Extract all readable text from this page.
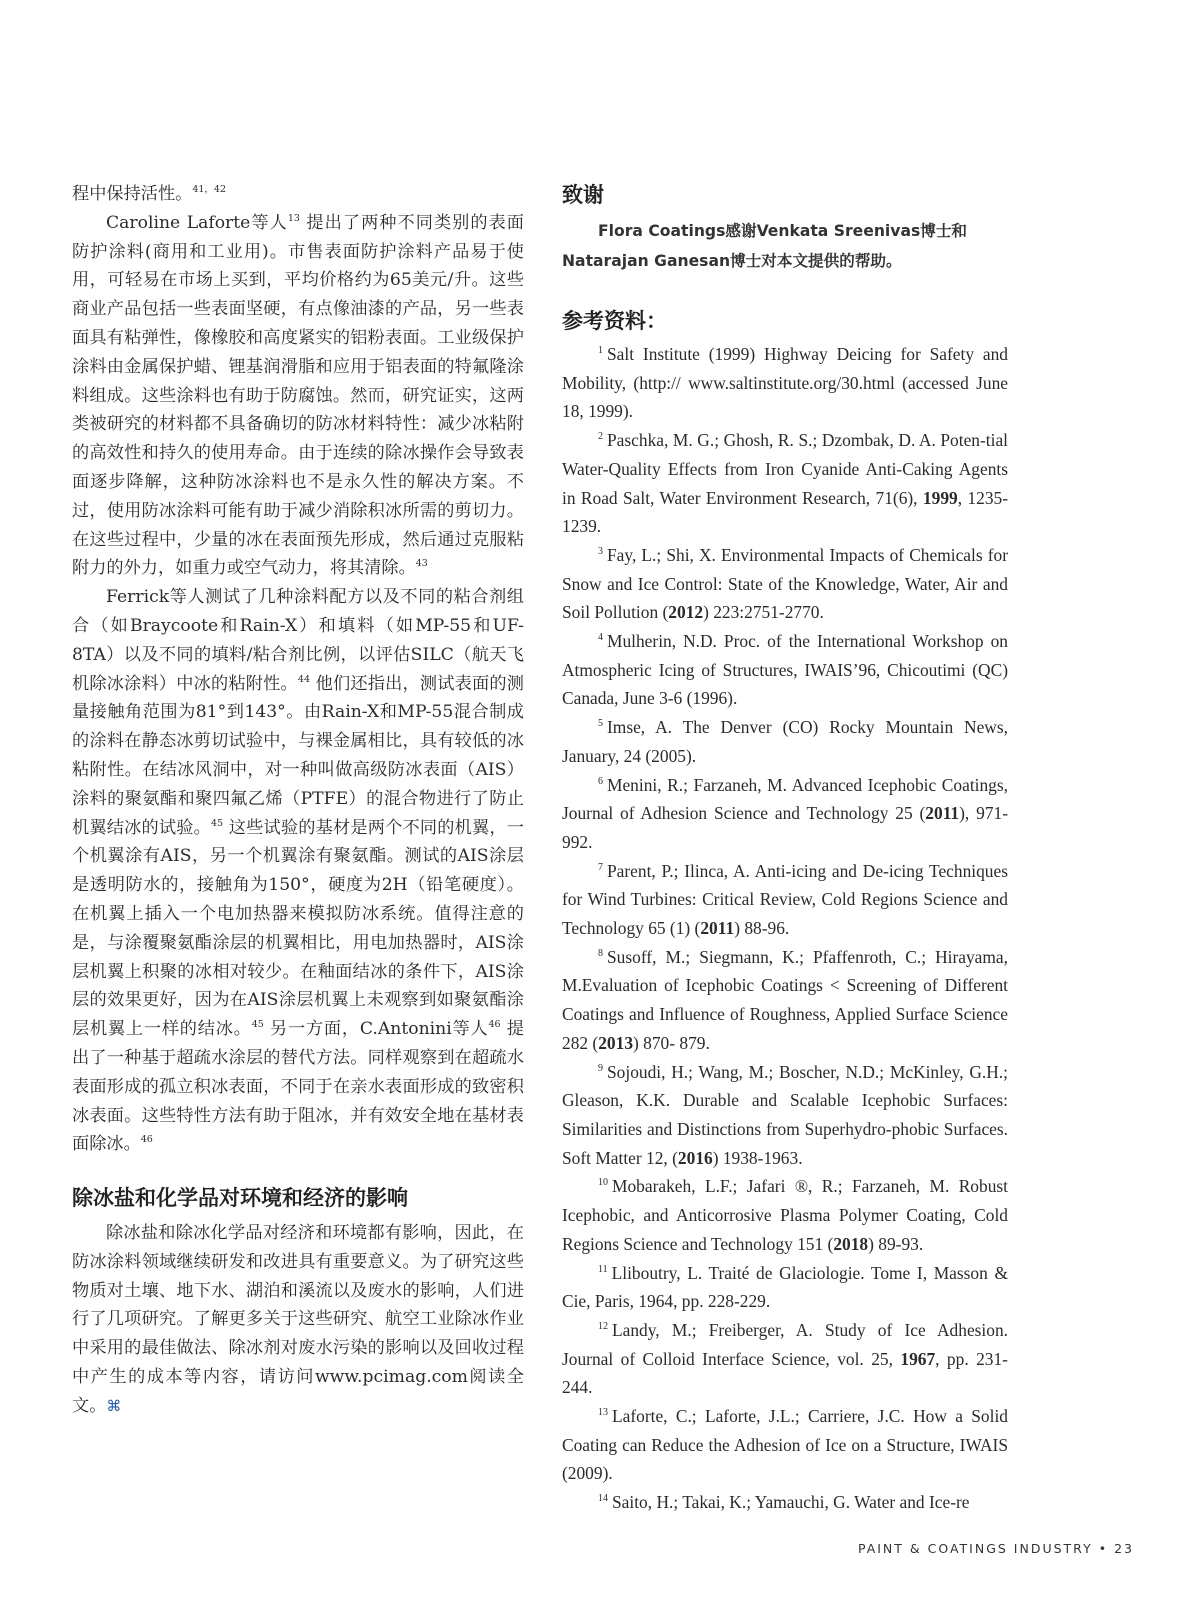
程中保持活性。$^{41,42}$

Caroline Laforte等人$^{13}$ 提出了两种不同类别的表面防护涂料(商用和工业用)。市售表面防护涂料产品易于使用，可轻易在市场上买到，平均价格约为65美元/升。这些商业产品包括一些表面坚硬，有点像油漆的产品，另一些表面具有粘弹性，像橡胶和高度紧实的铝粉表面。工业级保护涂料由金属保护蜡、锂基润滑脂和应用于铝表面的特氟隆涂料组成。这些涂料也有助于防腐蚀。然而，研究证实，这两类被研究的材料都不具备确切的防冰材料特性：减少冰粘附的高效性和持久的使用寿命。由于连续的除冰操作会导致表面逐步降解，这种防冰涂料也不是永久性的解决方案。不过，使用防冰涂料可能有助于减少消除积冰所需的剪切力。在这些过程中，少量的冰在表面预先形成，然后通过克服粘附力的外力，如重力或空气动力，将其清除。$^{43}$

Ferrick等人测试了几种涂料配方以及不同的粘合剂组合（如Braycoote和Rain-X）和填料（如MP-55和UF-8TA）以及不同的填料/粘合剂比例，以评估SILC（航天飞机除冰涂料）中冰的粘附性。$^{44}$ 他们还指出，测试表面的测量接触角范围为81°到143°。由Rain-X和MP-55混合制成的涂料在静态冰剪切试验中，与裸金属相比，具有较低的冰粘附性。在结冰风洞中，对一种叫做高级防冰表面（AIS）涂料的聚氨酯和聚四氟乙烯（PTFE）的混合物进行了防止机翼结冰的试验。$^{45}$ 这些试验的基材是两个不同的机翼，一个机翼涂有AIS，另一个机翼涂有聚氨酯。测试的AIS涂层是透明防水的，接触角为150°，硬度为2H（铅笔硬度）。在机翼上插入一个电加热器来模拟防冰系统。值得注意的是，与涂覆聚氨酯涂层的机翼相比，用电加热器时，AIS涂层机翼上积聚的冰相对较少。在釉面结冰的条件下，AIS涂层的效果更好，因为在AIS涂层机翼上未观察到如聚氨酯涂层机翼上一样的结冰。$^{45}$ 另一方面，C.Antonini等人$^{46}$ 提出了一种基于超疏水涂层的替代方法。同样观察到在超疏水表面形成的孤立积冰表面，不同于在亲水表面形成的致密积冰表面。这些特性方法有助于阻冰，并有效安全地在基材表面除冰。$^{46}$

除冰盐和化学品对环境和经济的影响

除冰盐和除冰化学品对经济和环境都有影响，因此，在防冰涂料领域继续研发和改进具有重要意义。为了研究这些物质对土壤、地下水、湖泊和溪流以及废水的影响，人们进行了几项研究。了解更多关于这些研究、航空工业除冰作业中采用的最佳做法、除冰剂对废水污染的影响以及回收过程中产生的成本等内容，请访问www.pcimag.com阅读全文。⌘

致谢

Flora Coatings感谢Venkata Sreenivas博士和Natarajan Ganesan博士对本文提供的帮助。

参考资料：

$^1$ Salt Institute (1999) Highway Deicing for Safety and Mobility, (http:// www.saltinstitute.org/30.html (accessed June 18, 1999).

$^2$ Paschka, M. G.; Ghosh, R. S.; Dzombak, D. A. Poten-tial Water-Quality Effects from Iron Cyanide Anti-Caking Agents in Road Salt, Water Environment Research, 71(6), 1999, 1235-1239.

$^3$ Fay, L.; Shi, X. Environmental Impacts of Chemicals for Snow and Ice Control: State of the Knowledge, Water, Air and Soil Pollution (2012) 223:2751-2770.

$^4$ Mulherin, N.D. Proc. of the International Workshop on Atmospheric Icing of Structures, IWAIS’96, Chicoutimi (QC) Canada, June 3-6 (1996).

$^5$ Imse, A. The Denver (CO) Rocky Mountain News, January, 24 (2005).

$^6$ Menini, R.; Farzaneh, M. Advanced Icephobic Coatings, Journal of Adhesion Science and Technology 25 (2011), 971-992.

$^7$ Parent, P.; Ilinca, A. Anti-icing and De-icing Techniques for Wind Turbines: Critical Review, Cold Regions Science and Technology 65 (1) (2011) 88-96.

$^8$ Susoff, M.; Siegmann, K.; Pfaffenroth, C.; Hirayama, M.Evaluation of Icephobic Coatings < Screening of Different Coatings and Influence of Roughness, Applied Surface Science 282 (2013) 870- 879.

$^9$ Sojoudi, H.; Wang, M.; Boscher, N.D.; McKinley, G.H.; Gleason, K.K. Durable and Scalable Icephobic Surfaces: Similarities and Distinctions from Superhydro-phobic Surfaces. Soft Matter 12, (2016) 1938-1963.

$^{10}$ Mobarakeh, L.F.; Jafari ®, R.; Farzaneh, M. Robust Icephobic, and Anticorrosive Plasma Polymer Coating, Cold Regions Science and Technology 151 (2018) 89-93.

$^{11}$ Lliboutry, L. Traité de Glaciologie. Tome I, Masson & Cie, Paris, 1964, pp. 228-229.

$^{12}$ Landy, M.; Freiberger, A. Study of Ice Adhesion. Journal of Colloid Interface Science, vol. 25, 1967, pp. 231-244.

$^{13}$ Laforte, C.; Laforte, J.L.; Carriere, J.C. How a Solid Coating can Reduce the Adhesion of Ice on a Structure, IWAIS (2009).

$^{14}$ Saito, H.; Takai, K.; Yamauchi, G. Water and Ice-re

PAINT & COATINGS INDUSTRY • 23
